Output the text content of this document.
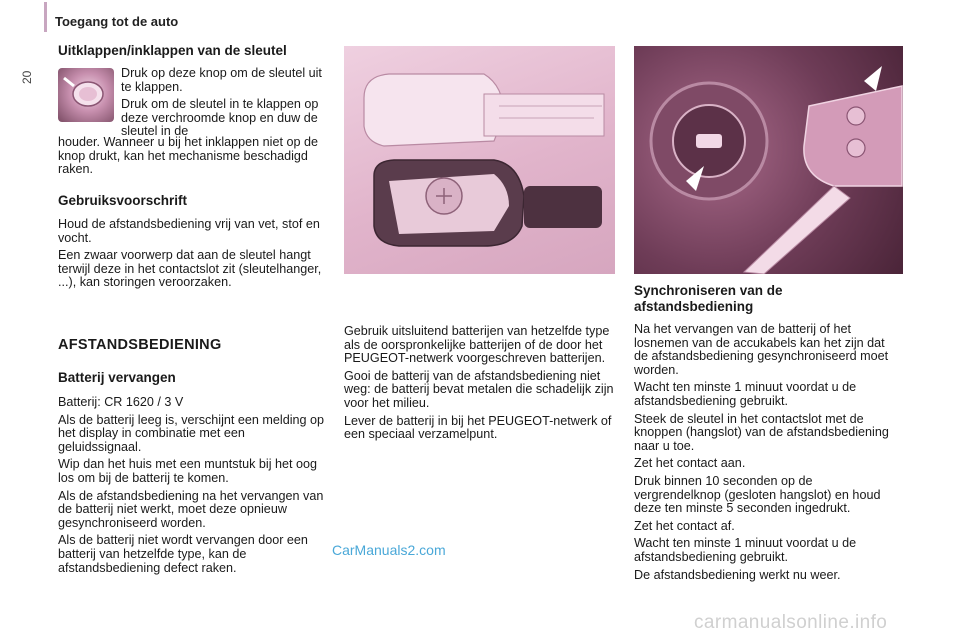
Toegang tot de auto
20
Uitklappen/inklappen van de sleutel

Druk op deze knop om de sleutel uit te klappen.

Druk om de sleutel in te klappen op deze verchroomde knop en duw de sleutel in de

houder. Wanneer u bij het inklappen niet op de knop drukt, kan het mechanisme beschadigd raken.

Gebruiksvoorschrift

Houd de afstandsbediening vrij van vet, stof en vocht.

Een zwaar voorwerp dat aan de sleutel hangt terwijl deze in het contactslot zit (sleutelhanger, ...), kan storingen veroorzaken.

AFSTANDSBEDIENING
Batterij vervangen

Batterij: CR 1620 / 3 V

Als de batterij leeg is, verschijnt een melding op het display in combinatie met een geluidssignaal.

Wip dan het huis met een muntstuk bij het oog los om bij de batterij te komen.

Als de afstandsbediening na het vervangen van de batterij niet werkt, moet deze opnieuw gesynchroniseerd worden.

Als de batterij niet wordt vervangen door een batterij van hetzelfde type, kan de afstandsbediening defect raken.

Gebruik uitsluitend batterijen van hetzelfde type als de oorspronkelijke batterijen of de door het PEUGEOT-netwerk voorgeschreven batterijen.

Gooi de batterij van de afstandsbediening niet weg: de batterij bevat metalen die schadelijk zijn voor het milieu.

Lever de batterij in bij het PEUGEOT-netwerk of een speciaal verzamelpunt.

CarManuals2.com
Synchroniseren van de afstandsbediening

Na het vervangen van de batterij of het losnemen van de accukabels kan het zijn dat de afstandsbediening gesynchroniseerd moet worden.

Wacht ten minste 1 minuut voordat u de afstandsbediening gebruikt.

Steek de sleutel in het contactslot met de knoppen (hangslot) van de afstandsbediening naar u toe.

Zet het contact aan.

Druk binnen 10 seconden op de vergrendelknop (gesloten hangslot) en houd deze ten minste 5 seconden ingedrukt.

Zet het contact af.

Wacht ten minste 1 minuut voordat u de afstandsbediening gebruikt.

De afstandsbediening werkt nu weer.

carmanualsonline.info
